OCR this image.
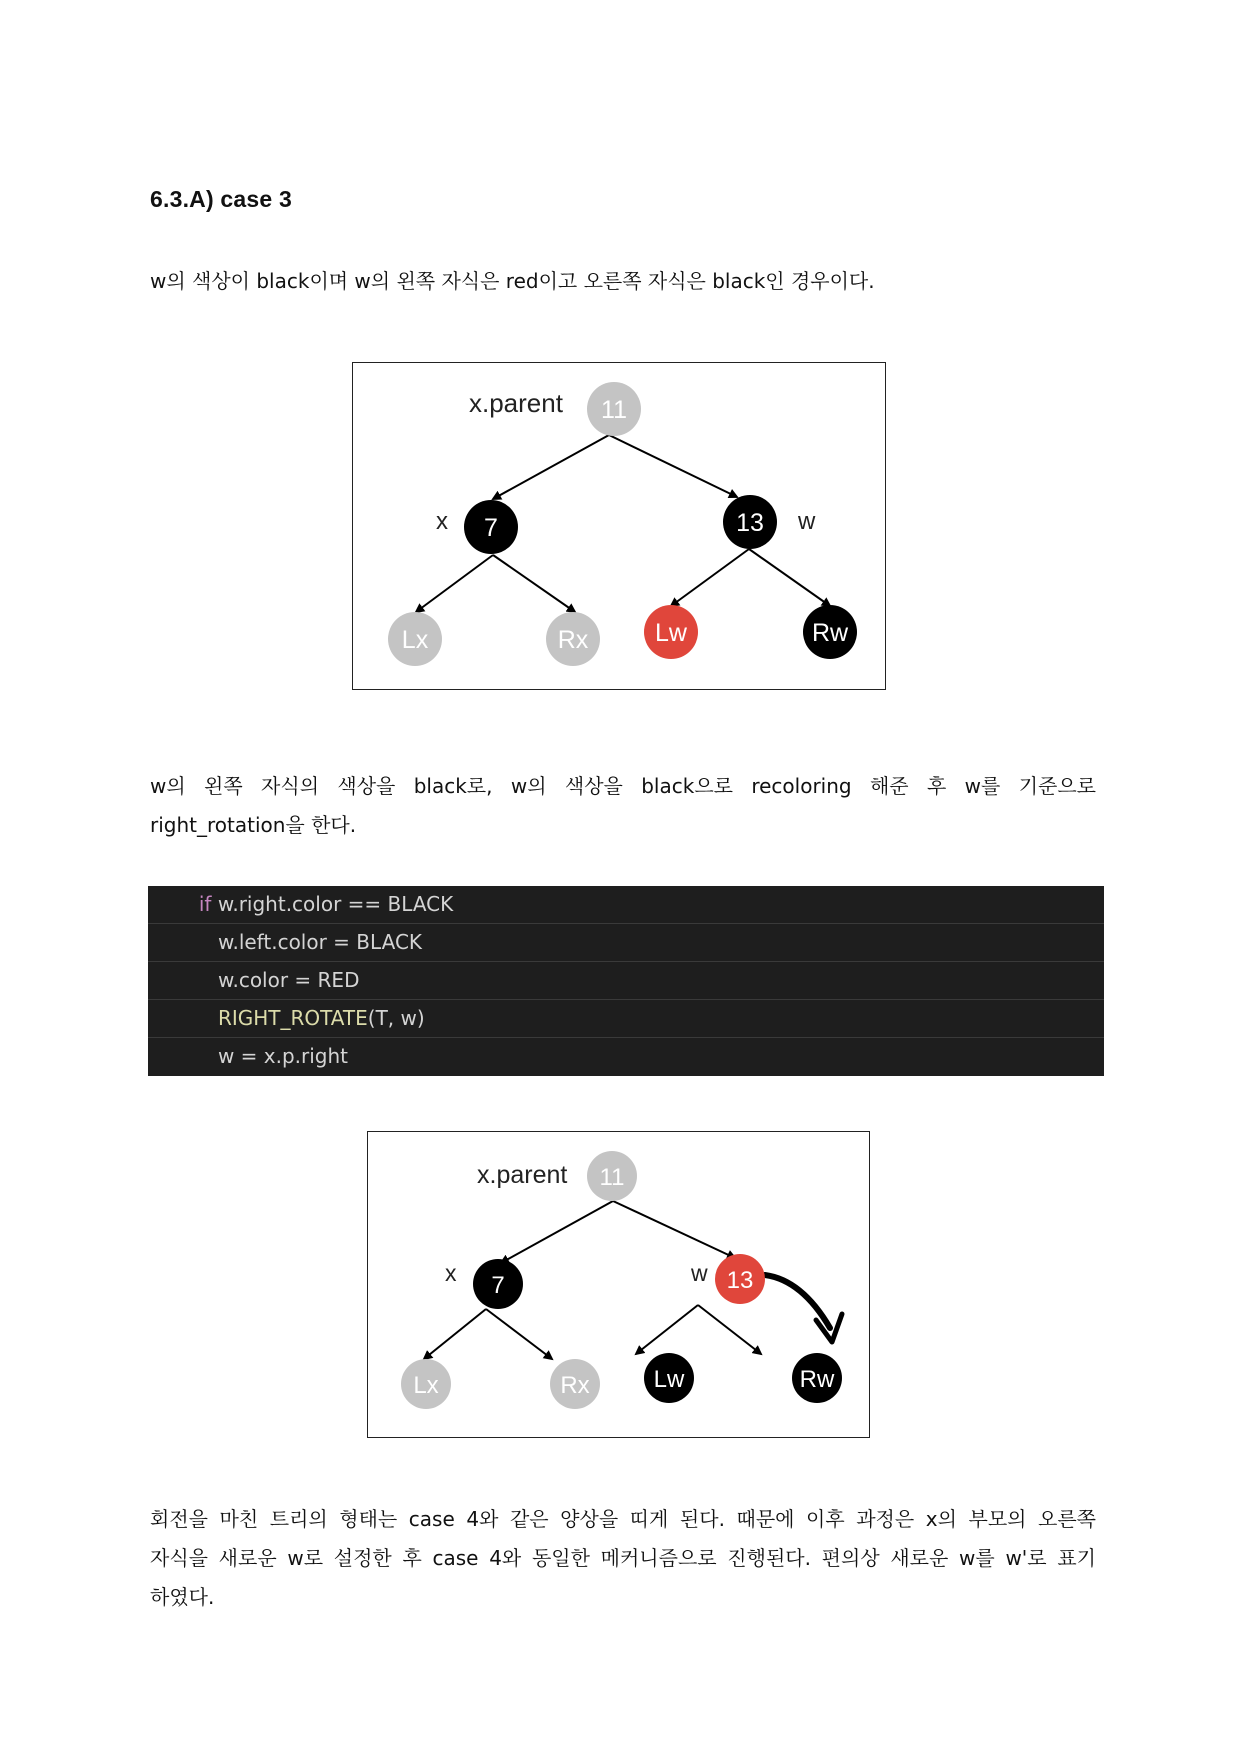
6.3.A) case 3

w의 색상이 black이며 w의 왼쪽 자식은 red이고 오른쪽 자식은 black인 경우이다.

x.parent
x	w
11
7	13
Lx	Rx	Lw	Rw

w의 왼쪽 자식의 색상을 black로, w의 색상을 black으로 recoloring 해준 후 w를 기준으로

right_rotation을 한다.

if w.right.color == BLACK
w.left.color = BLACK
w.color = RED
RIGHT_ROTATE(T, w)
w = x.p.right
x.parent
x	w
11
7	13
Lx	Rx	Lw	Rw

회전을 마친 트리의 형태는 case 4와 같은 양상을 띠게 된다. 때문에 이후 과정은 x의 부모의 오른쪽

자식을 새로운 w로 설정한 후 case 4와 동일한 메커니즘으로 진행된다. 편의상 새로운 w를 w'로 표기

하였다.
